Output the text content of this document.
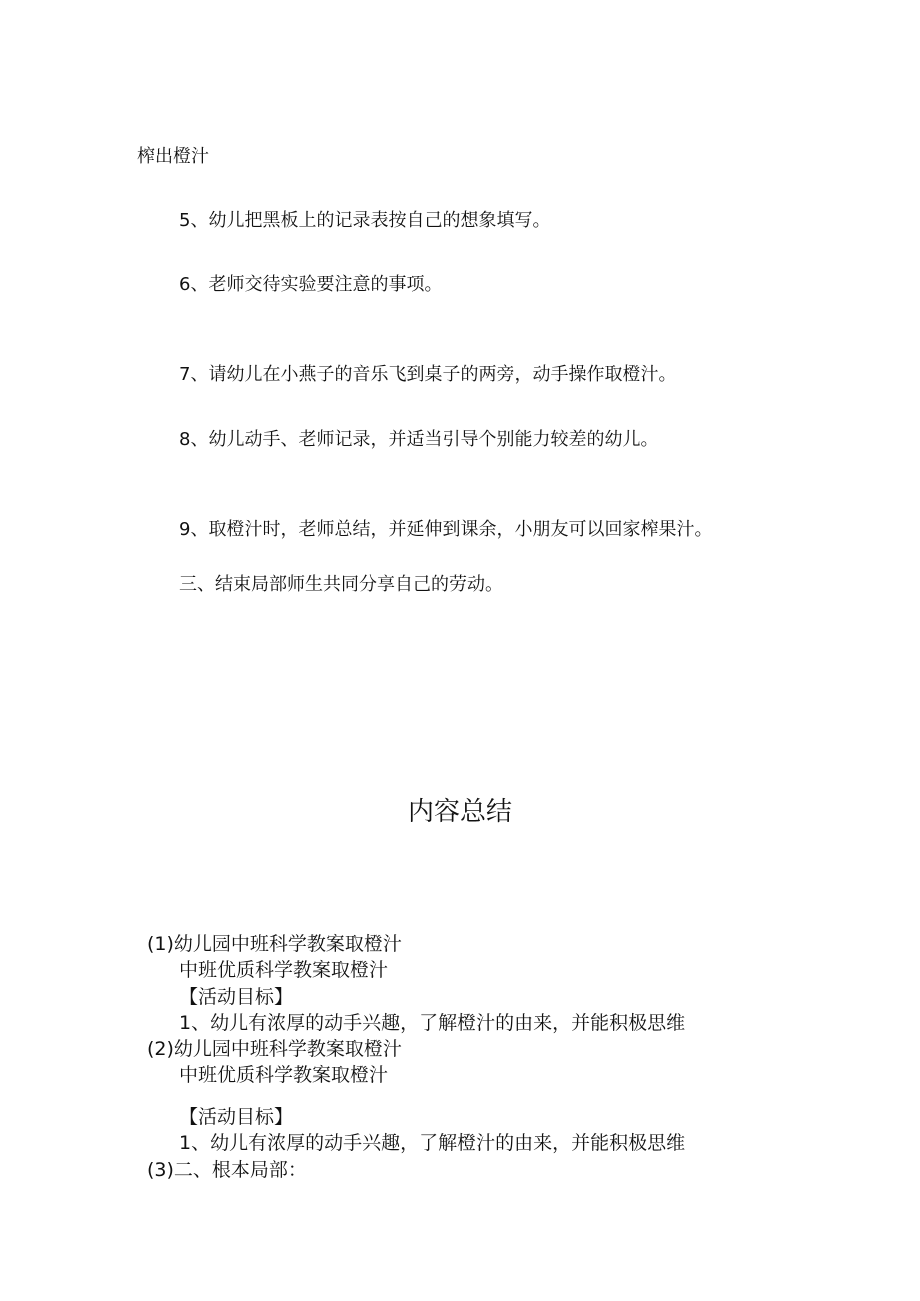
榨出橙汁
5、幼儿把黑板上的记录表按自己的想象填写。
6、老师交待实验要注意的事项。
7、请幼儿在小燕子的音乐飞到桌子的两旁，动手操作取橙汁。
8、幼儿动手、老师记录，并适当引导个别能力较差的幼儿。
9、取橙汁时，老师总结，并延伸到课余，小朋友可以回家榨果汁。
三、结束局部师生共同分享自己的劳动。
内容总结
(1)幼儿园中班科学教案取橙汁
中班优质科学教案取橙汁
【活动目标】
1、幼儿有浓厚的动手兴趣，了解橙汁的由来，并能积极思维
(2)幼儿园中班科学教案取橙汁
中班优质科学教案取橙汁
【活动目标】
1、幼儿有浓厚的动手兴趣，了解橙汁的由来，并能积极思维
(3)二、根本局部：
